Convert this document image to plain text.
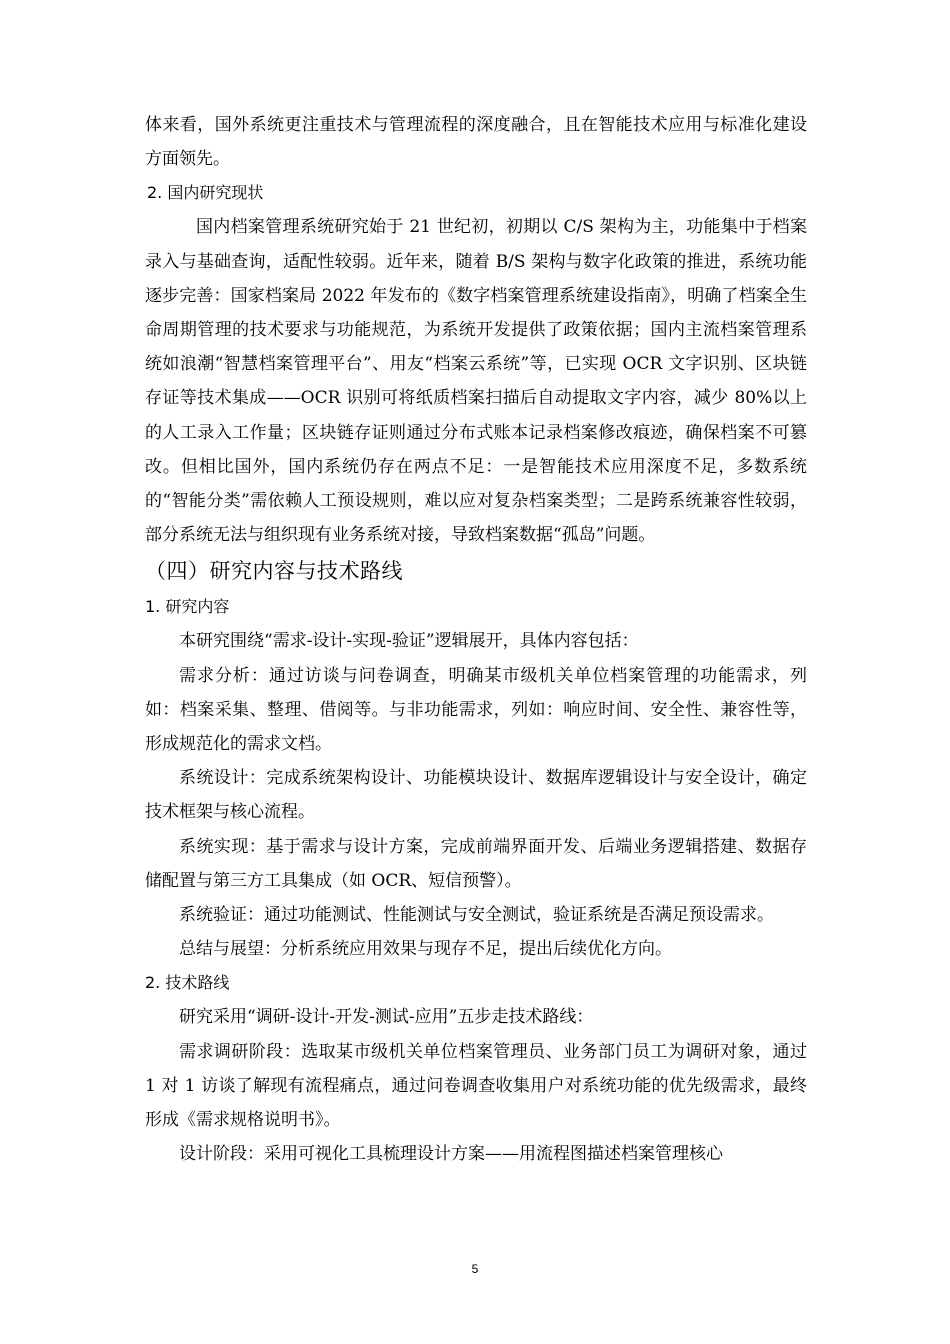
体来看，国外系统更注重技术与管理流程的深度融合，且在智能技术应用与标准化建设方面领先。

2. 国内研究现状

国内档案管理系统研究始于 21 世纪初，初期以 C/S 架构为主，功能集中于档案录入与基础查询，适配性较弱。近年来，随着 B/S 架构与数字化政策的推进，系统功能逐步完善：国家档案局 2022 年发布的《数字档案管理系统建设指南》，明确了档案全生命周期管理的技术要求与功能规范，为系统开发提供了政策依据；国内主流档案管理系统如浪潮“智慧档案管理平台”、用友“档案云系统”等，已实现 OCR 文字识别、区块链存证等技术集成——OCR 识别可将纸质档案扫描后自动提取文字内容，减少 80%以上的人工录入工作量；区块链存证则通过分布式账本记录档案修改痕迹，确保档案不可篡改。但相比国外，国内系统仍存在两点不足：一是智能技术应用深度不足，多数系统的“智能分类”需依赖人工预设规则，难以应对复杂档案类型；二是跨系统兼容性较弱，部分系统无法与组织现有业务系统对接，导致档案数据“孤岛”问题。

（四）研究内容与技术路线
1. 研究内容

本研究围绕“需求-设计-实现-验证”逻辑展开，具体内容包括：

需求分析：通过访谈与问卷调查，明确某市级机关单位档案管理的功能需求，列如：档案采集、整理、借阅等。与非功能需求，列如：响应时间、安全性、兼容性等，形成规范化的需求文档。

系统设计：完成系统架构设计、功能模块设计、数据库逻辑设计与安全设计，确定技术框架与核心流程。

系统实现：基于需求与设计方案，完成前端界面开发、后端业务逻辑搭建、数据存储配置与第三方工具集成（如 OCR、短信预警）。

系统验证：通过功能测试、性能测试与安全测试，验证系统是否满足预设需求。

总结与展望：分析系统应用效果与现存不足，提出后续优化方向。

2. 技术路线

研究采用“调研-设计-开发-测试-应用”五步走技术路线：

需求调研阶段：选取某市级机关单位档案管理员、业务部门员工为调研对象，通过 1 对 1 访谈了解现有流程痛点，通过问卷调查收集用户对系统功能的优先级需求，最终形成《需求规格说明书》。

设计阶段：采用可视化工具梳理设计方案——用流程图描述档案管理核心

5
